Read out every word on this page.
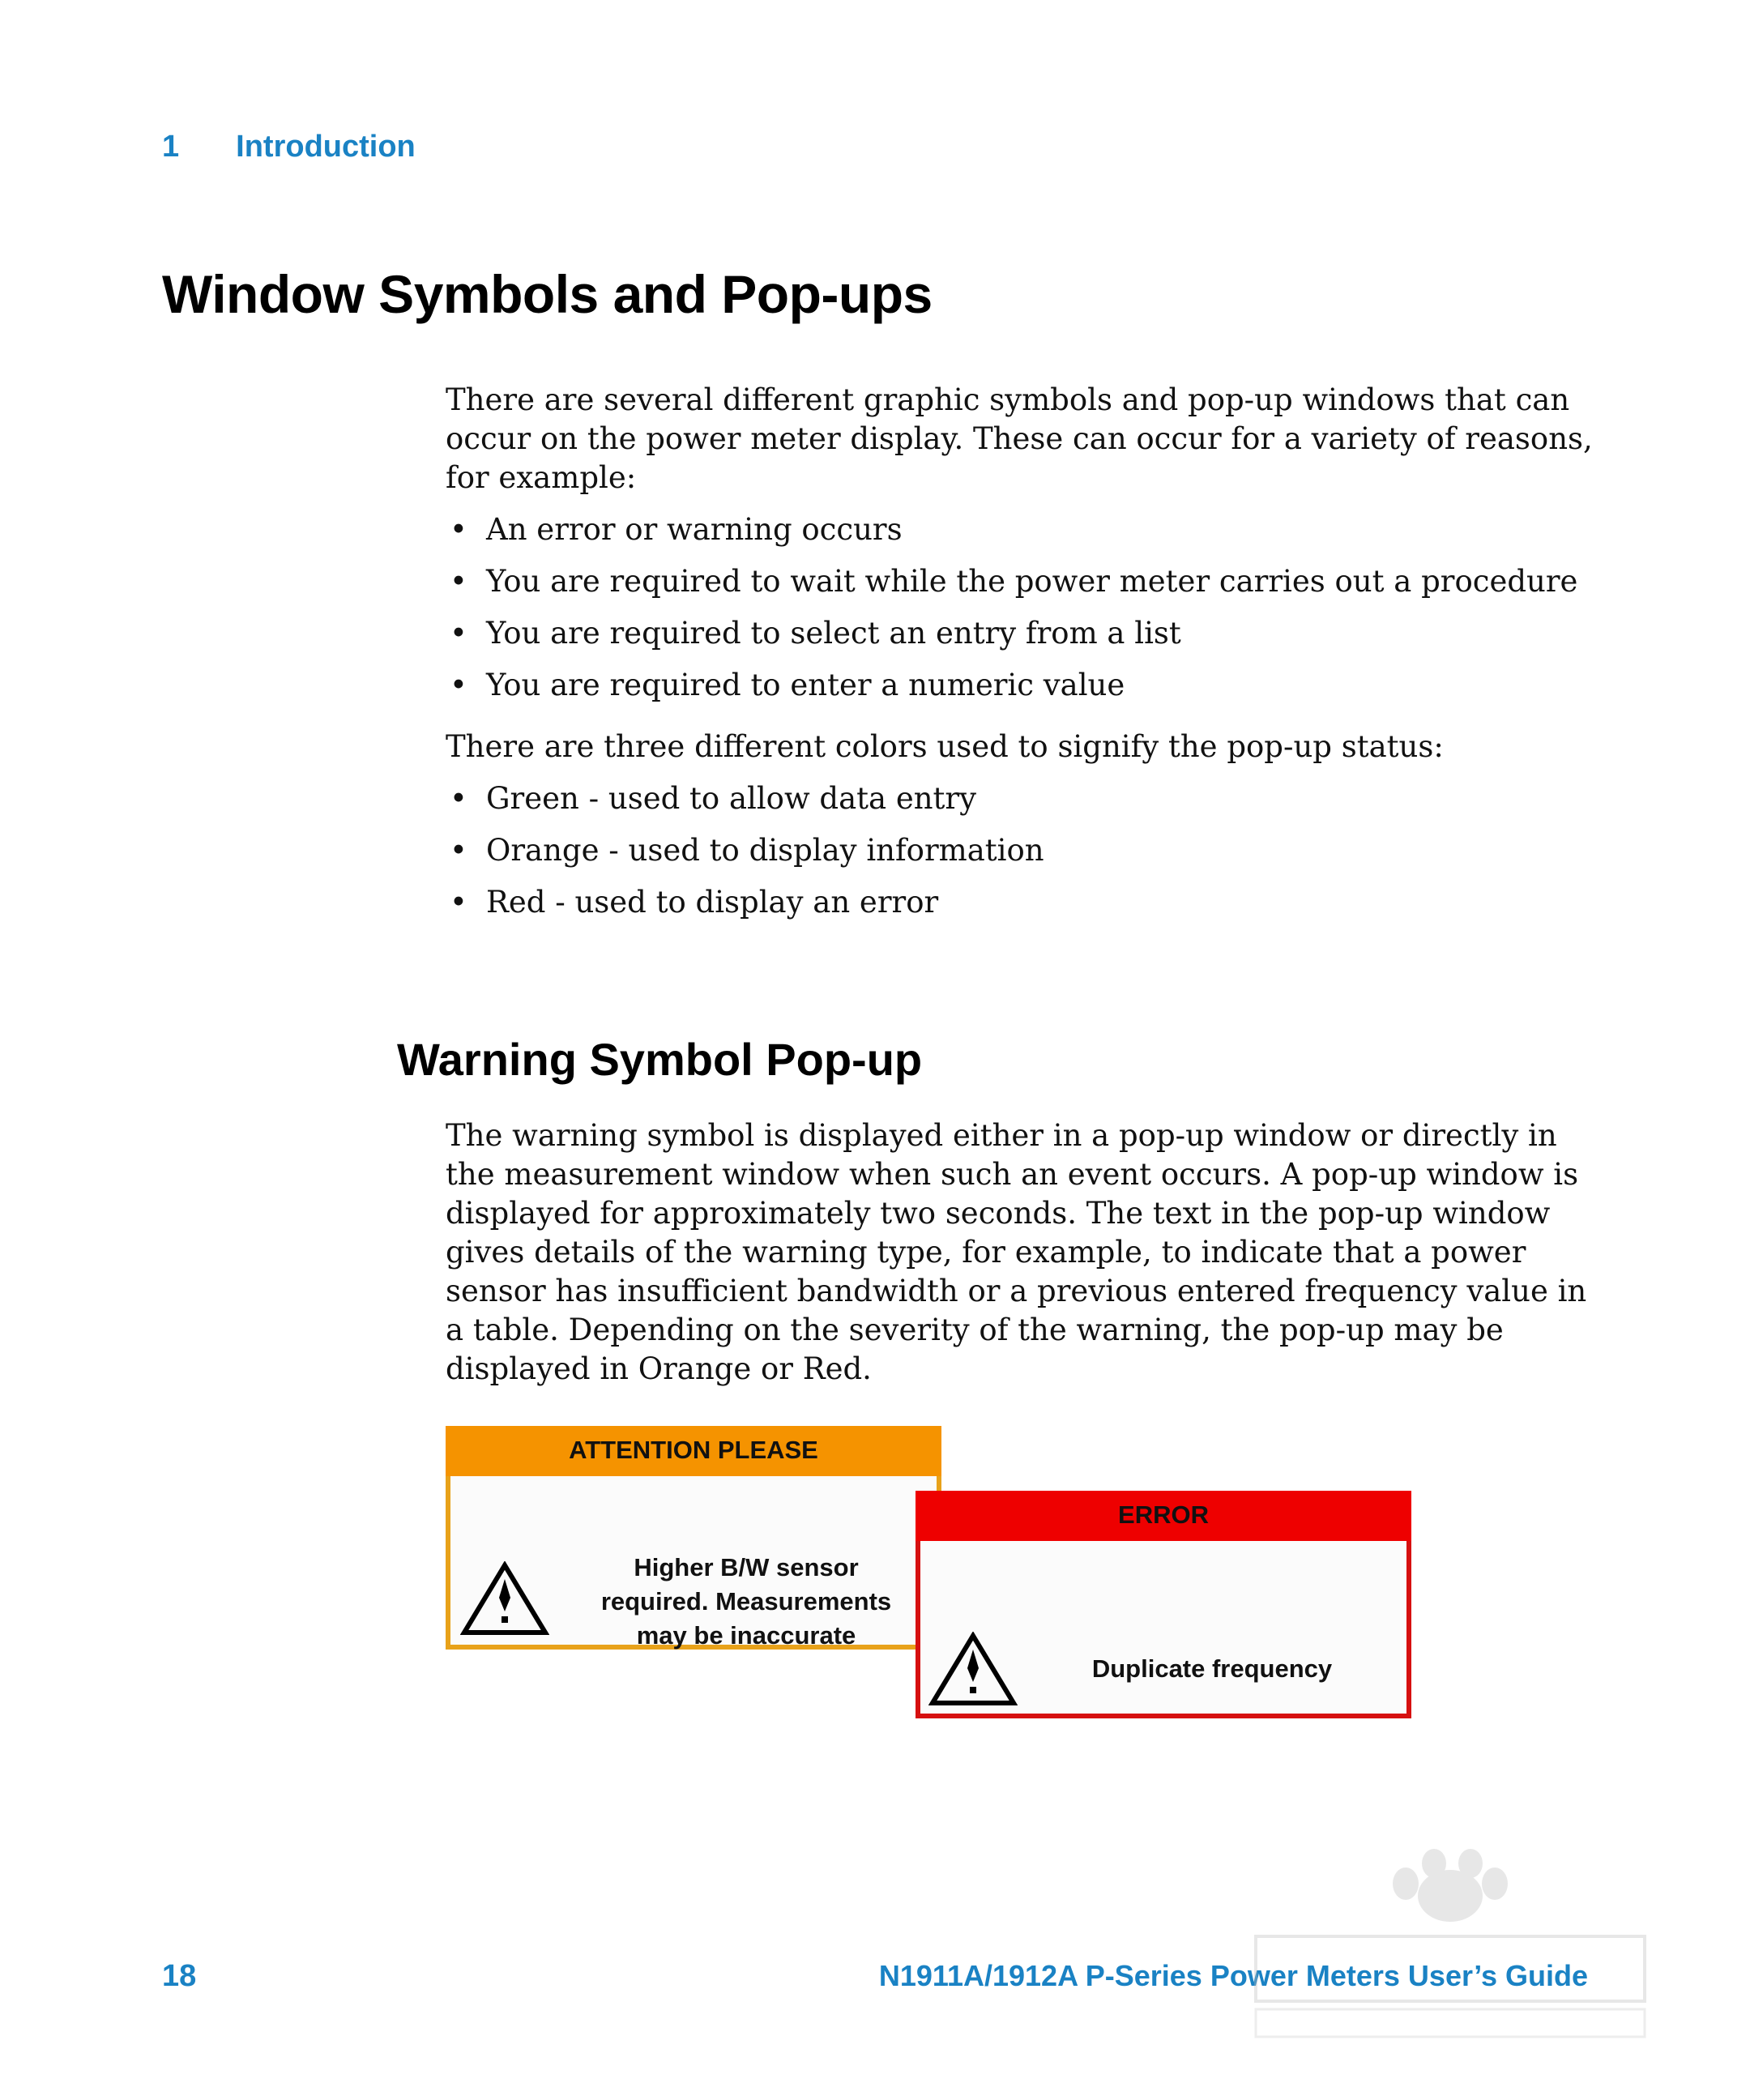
1 Introduction
Window Symbols and Pop-ups

There are several different graphic symbols and pop-up windows that can occur on the power meter display. These can occur for a variety of reasons, for example:

• An error or warning occurs
• You are required to wait while the power meter carries out a procedure
• You are required to select an entry from a list
• You are required to enter a numeric value

There are three different colors used to signify the pop-up status:

• Green - used to allow data entry
• Orange - used to display information
• Red - used to display an error
Warning Symbol Pop-up

The warning symbol is displayed either in a pop-up window or directly in the measurement window when such an event occurs. A pop-up window is displayed for approximately two seconds. The text in the pop-up window gives details of the warning type, for example, to indicate that a power sensor has insufficient bandwidth or a previous entered frequency value in a table. Depending on the severity of the warning, the pop-up may be displayed in Orange or Red.

ATTENTION PLEASE
Higher B/W sensor
required. Measurements
may be inaccurate
ERROR
Duplicate frequency
18	N1911A/1912A P-Series Power Meters User’s Guide
